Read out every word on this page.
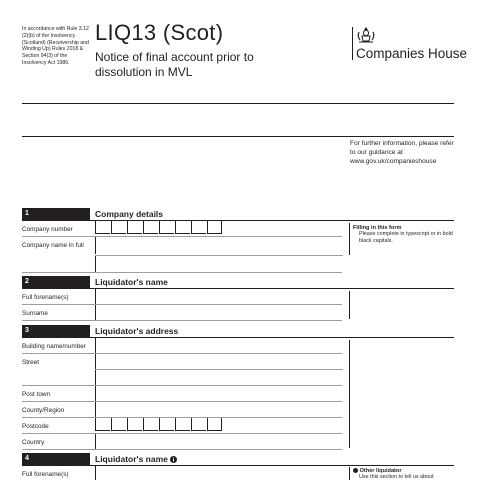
In accordance with Rule 3.12 (2)(b) of the Insolvency (Scotland) (Receivership and Winding Up) Rules 2018 & Section 94(3) of the Insolvency Act 1986.
LIQ13 (Scot)
Notice of final account prior to dissolution in MVL
Companies House
For further information, please refer to our guidance at www.gov.uk/companieshouse
1	Company details
Company number
Company name in full
Filling in this form
Please complete in typescript or in bold black capitals.
2	Liquidator's name
Full forename(s)
Surname
3	Liquidator's address
Building name/number
Street
Post town
County/Region
Postcode
Country
4	Liquidator's name
Full forename(s)	Other liquidator
Use this section to tell us about
